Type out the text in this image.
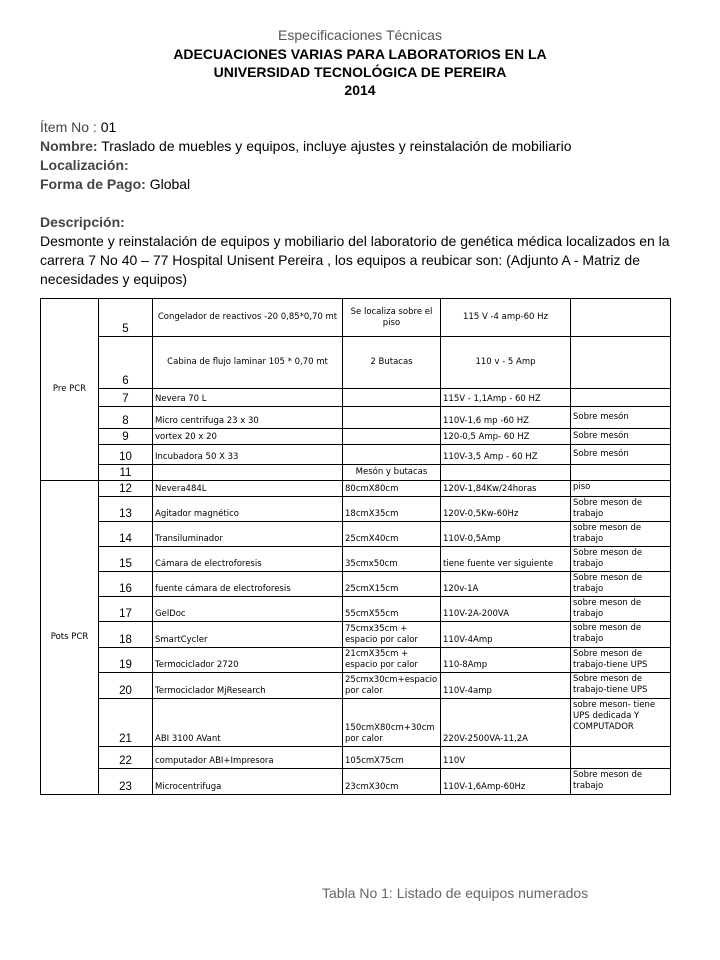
Especificaciones Técnicas
ADECUACIONES VARIAS PARA LABORATORIOS EN LA
UNIVERSIDAD TECNOLÓGICA DE PEREIRA
2014

Ítem No : 01

Nombre: Traslado de muebles y equipos, incluye ajustes y reinstalación de mobiliario

Localización:

Forma de Pago: Global

Descripción:

Desmonte y reinstalación de equipos y mobiliario del laboratorio de genética médica localizados en la carrera 7 No 40 – 77 Hospital Unisent Pereira , los equipos a reubicar son: (Adjunto A - Matriz de necesidades y equipos)

Pre PCR	5	Congelador de reactivos -20 0,85*0,70 mt	Se localiza sobre el piso	115 V -4 amp-60 Hz	
	6	Cabina de flujo laminar 105 * 0,70 mt	2 Butacas	110 v - 5 Amp	
	7	Nevera 70 L		115V - 1,1Amp - 60 HZ	
	8	Micro centrifuga 23 x 30		110V-1,6 mp -60 HZ	Sobre mesón
	9	vortex 20 x 20		120-0,5 Amp- 60 HZ	Sobre mesón
	10	Incubadora 50 X 33		110V-3,5 Amp - 60 HZ	Sobre mesón
	11		Mesón y butacas		
Pots PCR	12	Nevera484L	80cmX80cm	120V-1,84Kw/24horas	piso
	13	Agitador magnético	18cmX35cm	120V-0,5Kw-60Hz	Sobre meson de trabajo
	14	Transiluminador	25cmX40cm	110V-0,5Amp	sobre meson de trabajo
	15	Cámara de electroforesis	35cmx50cm	tiene fuente ver siguiente	Sobre meson de trabajo
	16	fuente cámara de electroforesis	25cmX15cm	120v-1A	Sobre meson de trabajo
	17	GelDoc	55cmX55cm	110V-2A-200VA	sobre meson de trabajo
	18	SmartCycler	75cmx35cm + espacio por calor	110V-4Amp	sobre meson de trabajo
	19	Termociclador 2720	21cmX35cm + espacio por calor	110-8Amp	Sobre meson de trabajo-tiene UPS
	20	Termociclador MjResearch	25cmx30cm+espacio por calor	110V-4amp	Sobre meson de trabajo-tiene UPS
	21	ABI 3100 AVant	150cmX80cm+30cm por calor	220V-2500VA-11,2A	sobre meson- tiene UPS dedicada Y COMPUTADOR
	22	computador ABI+Impresora	105cmX75cm	110V	
	23	Microcentrifuga	23cmX30cm	110V-1,6Amp-60Hz	Sobre meson de trabajo
Tabla No 1: Listado de equipos numerados
